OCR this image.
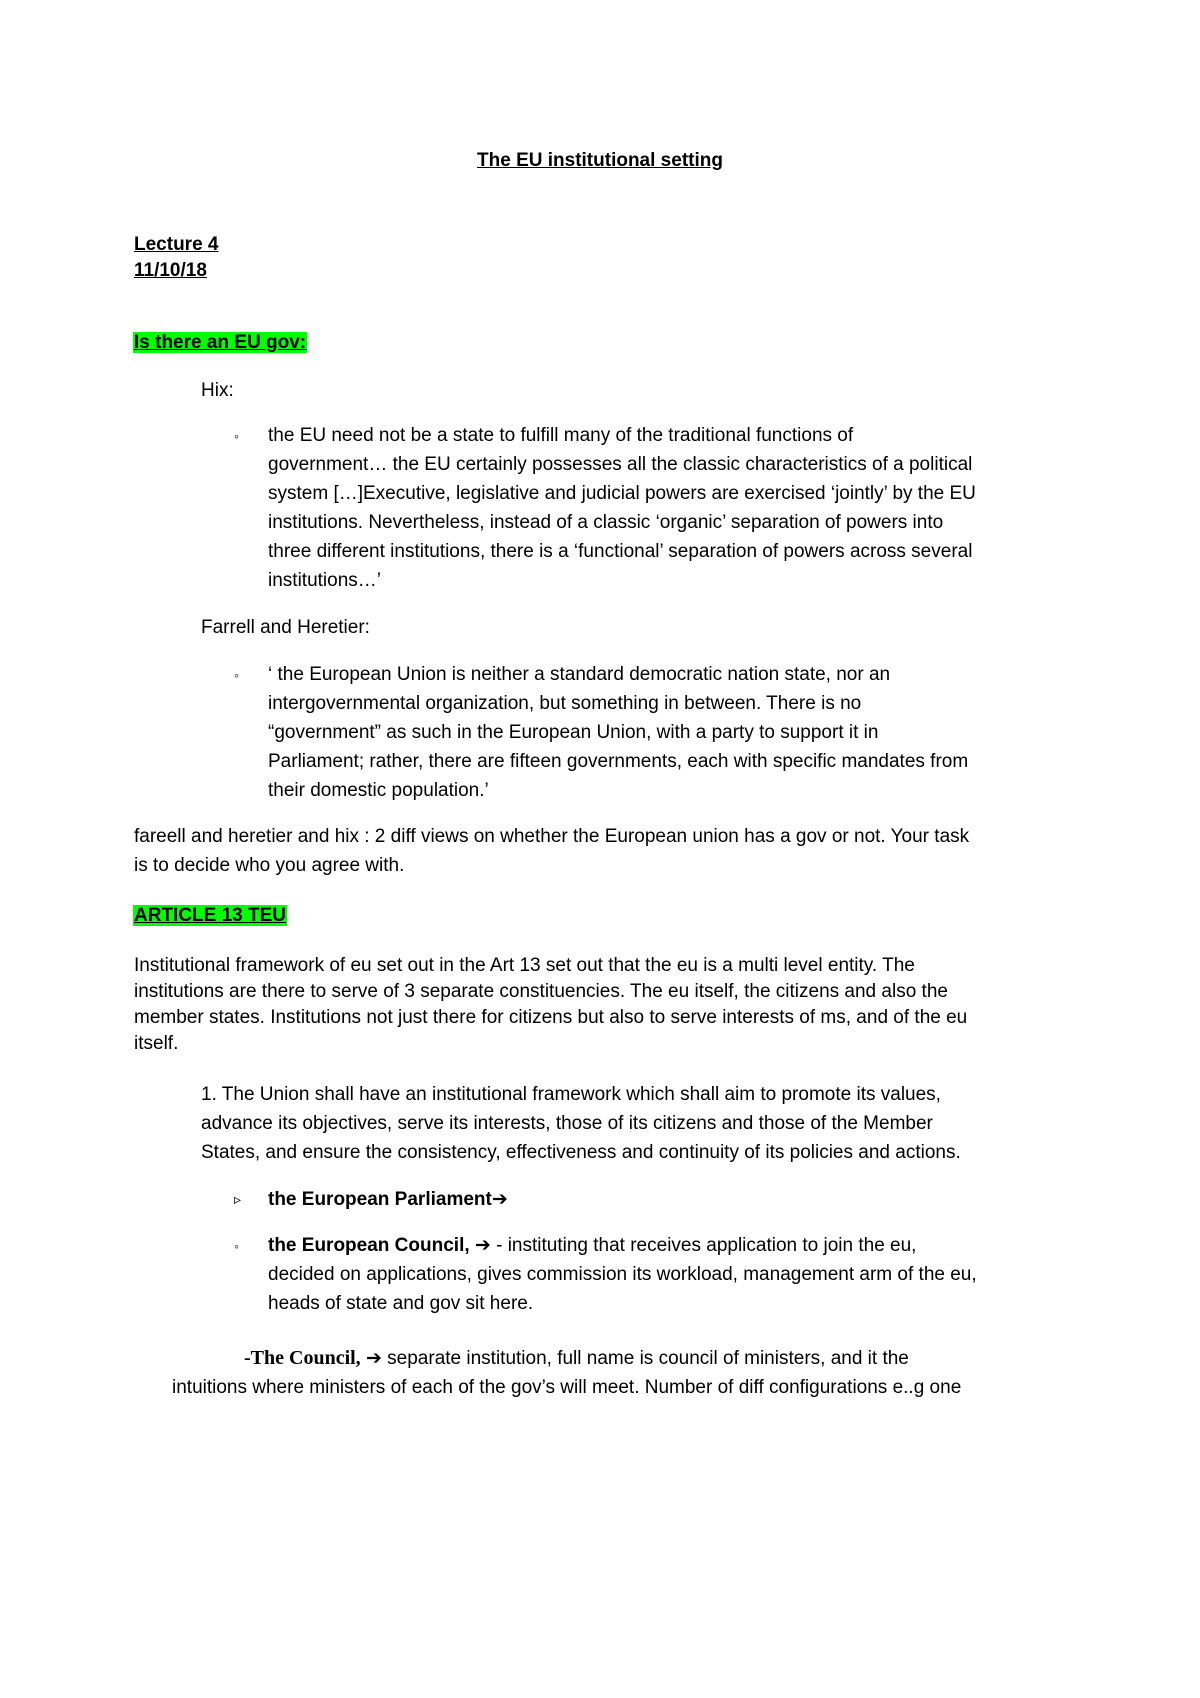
The EU institutional setting
Lecture 4
11/10/18
Is there an EU gov:
Hix:
◦ the EU need not be a state to fulfill many of the traditional functions of
government… the EU certainly possesses all the classic characteristics of a political
system […]Executive, legislative and judicial powers are exercised ‘jointly’ by the EU
institutions. Nevertheless, instead of a classic ‘organic’ separation of powers into
three different institutions, there is a ‘functional’ separation of powers across several
institutions…’
Farrell and Heretier:
◦ ‘ the European Union is neither a standard democratic nation state, nor an
intergovernmental organization, but something in between. There is no
“government” as such in the European Union, with a party to support it in
Parliament; rather, there are fifteen governments, each with specific mandates from
their domestic population.’
fareell and heretier and hix : 2 diff views on whether the European union has a gov or not. Your task
is to decide who you agree with.
ARTICLE 13 TEU
Institutional framework of eu set out in the Art 13 set out that the eu is a multi level entity. The
institutions are there to serve of 3 separate constituencies. The eu itself, the citizens and also the
member states. Institutions not just there for citizens but also to serve interests of ms, and of the eu
itself.
1. The Union shall have an institutional framework which shall aim to promote its values,
advance its objectives, serve its interests, those of its citizens and those of the Member
States, and ensure the consistency, effectiveness and continuity of its policies and actions.
▹ the European Parliament➔
◦ the European Council, ➔ - instituting that receives application to join the eu,
decided on applications, gives commission its workload, management arm of the eu,
heads of state and gov sit here.
-The Council, ➔ separate institution, full name is council of ministers, and it the
intuitions where ministers of each of the gov’s will meet. Number of diff configurations e..g one
